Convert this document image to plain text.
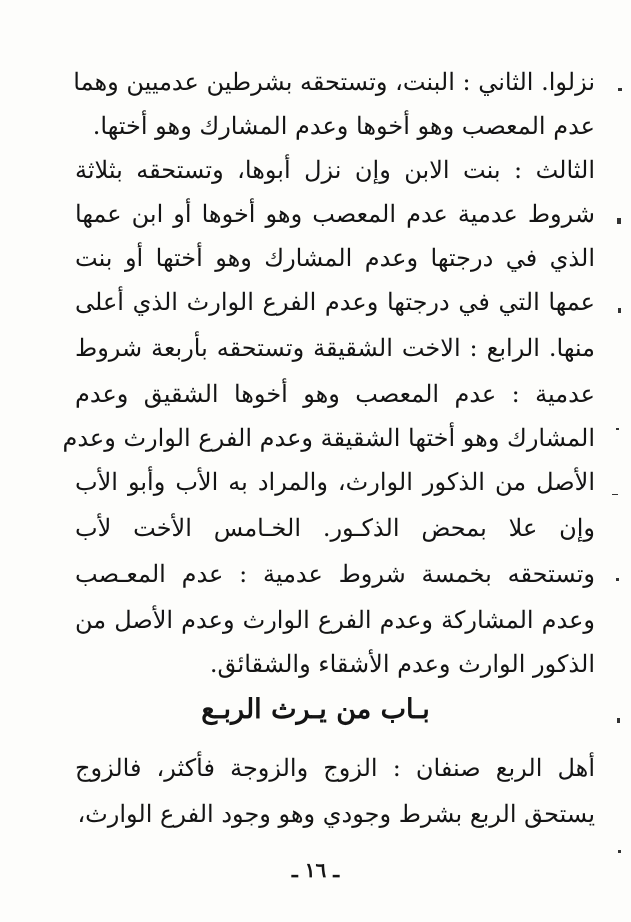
نزلوا. الثاني : البنت، وتستحقه بشرطين عدميين وهما
عدم المعصب وهو أخوها وعدم المشارك وهو أختها.
الثالث : بنت الابن وإن نزل أبوها، وتستحقه بثلاثة
شروط عدمية عدم المعصب وهو أخوها أو ابن عمها
الذي في درجتها وعدم المشارك وهو أختها أو بنت
عمها التي في درجتها وعدم الفرع الوارث الذي أعلى
منها. الرابع : الاخت الشقيقة وتستحقه بأربعة شروط
عدمية : عدم المعصب وهو أخوها الشقيق وعدم
المشارك وهو أختها الشقيقة وعدم الفرع الوارث وعدم
الأصل من الذكور الوارث، والمراد به الأب وأبو الأب
وإن علا بمحض الذكـور. الخـامس الأخت لأب
وتستحقه بخمسة شروط عدمية : عدم المعـصب
وعدم المشاركة وعدم الفرع الوارث وعدم الأصل من
الذكور الوارث وعدم الأشقاء والشقائق.
بـاب من يـرث الربـع
أهل الربع صنفان : الزوج والزوجة فأكثر، فالزوج
يستحق الربع بشرط وجودي وهو وجود الفرع الوارث،
ـ ١٦ ـ
